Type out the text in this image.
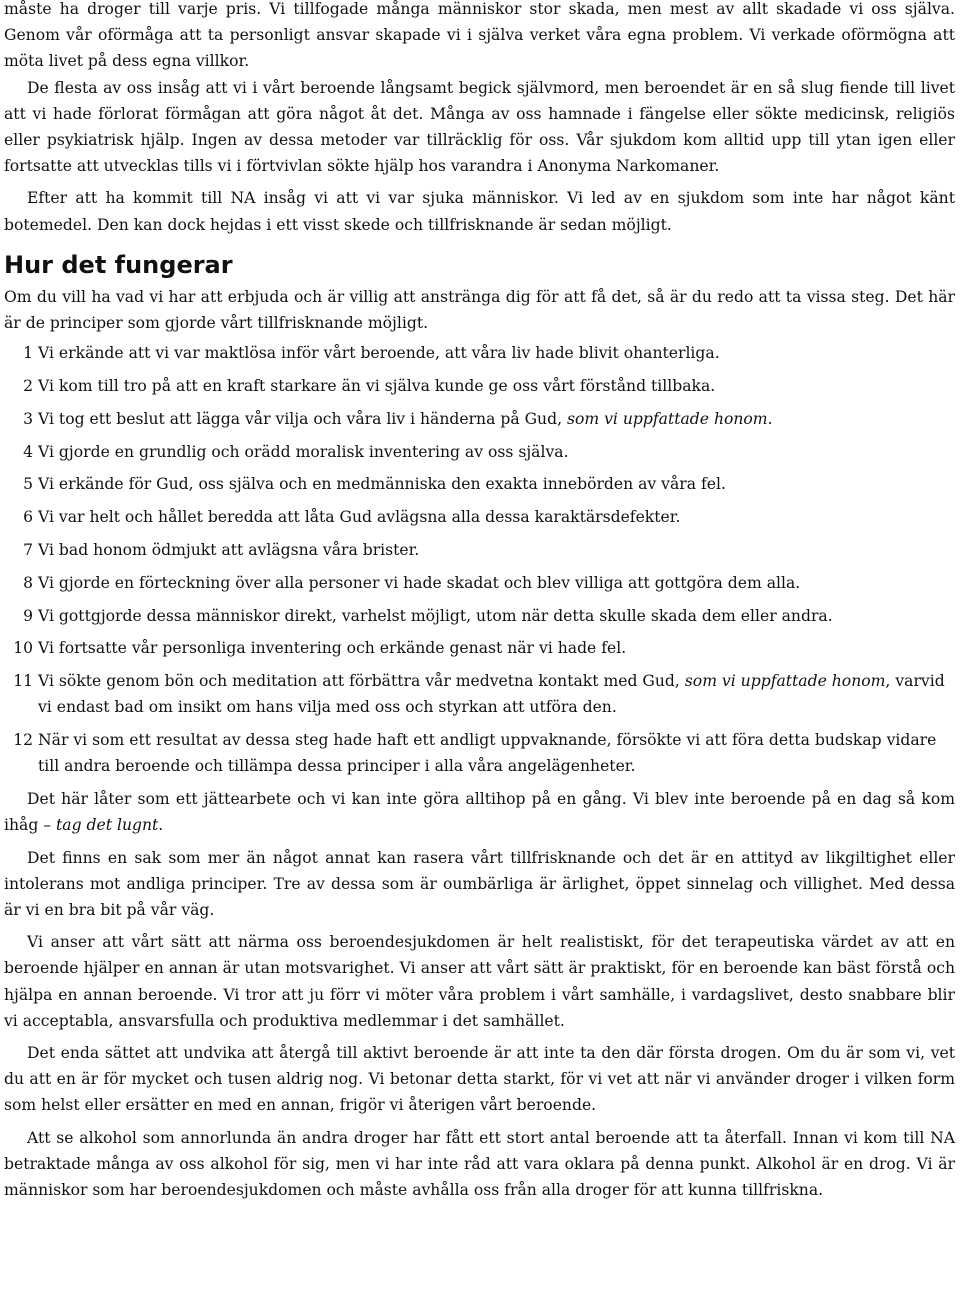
måste ha droger till varje pris. Vi tillfogade många människor stor skada, men mest av allt skadade vi oss själva. Genom vår oförmåga att ta personligt ansvar skapade vi i själva verket våra egna problem. Vi verkade oförmögna att möta livet på dess egna villkor.

De flesta av oss insåg att vi i vårt beroende långsamt begick självmord, men beroendet är en så slug fiende till livet att vi hade förlorat förmågan att göra något åt det. Många av oss hamnade i fängelse eller sökte medicinsk, religiös eller psykiatrisk hjälp. Ingen av dessa metoder var tillräcklig för oss. Vår sjukdom kom alltid upp till ytan igen eller fortsatte att utvecklas tills vi i förtvivlan sökte hjälp hos varandra i Anonyma Narkomaner.

Efter att ha kommit till NA insåg vi att vi var sjuka människor. Vi led av en sjukdom som inte har något känt botemedel. Den kan dock hejdas i ett visst skede och tillfrisknande är sedan möjligt.

Hur det fungerar

Om du vill ha vad vi har att erbjuda och är villig att anstränga dig för att få det, så är du redo att ta vissa steg. Det här är de principer som gjorde vårt tillfrisknande möjligt.

1 Vi erkände att vi var maktlösa inför vårt beroende, att våra liv hade blivit ohanterliga.
2 Vi kom till tro på att en kraft starkare än vi själva kunde ge oss vårt förstånd tillbaka.
3 Vi tog ett beslut att lägga vår vilja och våra liv i händerna på Gud, som vi uppfattade honom.
4 Vi gjorde en grundlig och orädd moralisk inventering av oss själva.
5 Vi erkände för Gud, oss själva och en medmänniska den exakta innebörden av våra fel.
6 Vi var helt och hållet beredda att låta Gud avlägsna alla dessa karaktärsdefekter.
7 Vi bad honom ödmjukt att avlägsna våra brister.
8 Vi gjorde en förteckning över alla personer vi hade skadat och blev villiga att gottgöra dem alla.
9 Vi gottgjorde dessa människor direkt, varhelst möjligt, utom när detta skulle skada dem eller andra.
10 Vi fortsatte vår personliga inventering och erkände genast när vi hade fel.
11 Vi sökte genom bön och meditation att förbättra vår medvetna kontakt med Gud, som vi uppfattade honom, varvid vi endast bad om insikt om hans vilja med oss och styrkan att utföra den.
12 När vi som ett resultat av dessa steg hade haft ett andligt uppvaknande, försökte vi att föra detta budskap vidare till andra beroende och tillämpa dessa principer i alla våra angelägenheter.

Det här låter som ett jättearbete och vi kan inte göra alltihop på en gång. Vi blev inte beroende på en dag så kom ihåg – tag det lugnt.

Det finns en sak som mer än något annat kan rasera vårt tillfrisknande och det är en attityd av likgiltighet eller intolerans mot andliga principer. Tre av dessa som är oumbärliga är ärlighet, öppet sinnelag och villighet. Med dessa är vi en bra bit på vår väg.

Vi anser att vårt sätt att närma oss beroendesjukdomen är helt realistiskt, för det terapeutiska värdet av att en beroende hjälper en annan är utan motsvarighet. Vi anser att vårt sätt är praktiskt, för en beroende kan bäst förstå och hjälpa en annan beroende. Vi tror att ju förr vi möter våra problem i vårt samhälle, i vardagslivet, desto snabbare blir vi acceptabla, ansvarsfulla och produktiva medlemmar i det samhället.

Det enda sättet att undvika att återgå till aktivt beroende är att inte ta den där första drogen. Om du är som vi, vet du att en är för mycket och tusen aldrig nog. Vi betonar detta starkt, för vi vet att när vi använder droger i vilken form som helst eller ersätter en med en annan, frigör vi återigen vårt beroende.

Att se alkohol som annorlunda än andra droger har fått ett stort antal beroende att ta återfall. Innan vi kom till NA betraktade många av oss alkohol för sig, men vi har inte råd att vara oklara på denna punkt. Alkohol är en drog. Vi är människor som har beroendesjukdomen och måste avhålla oss från alla droger för att kunna tillfriskna.
